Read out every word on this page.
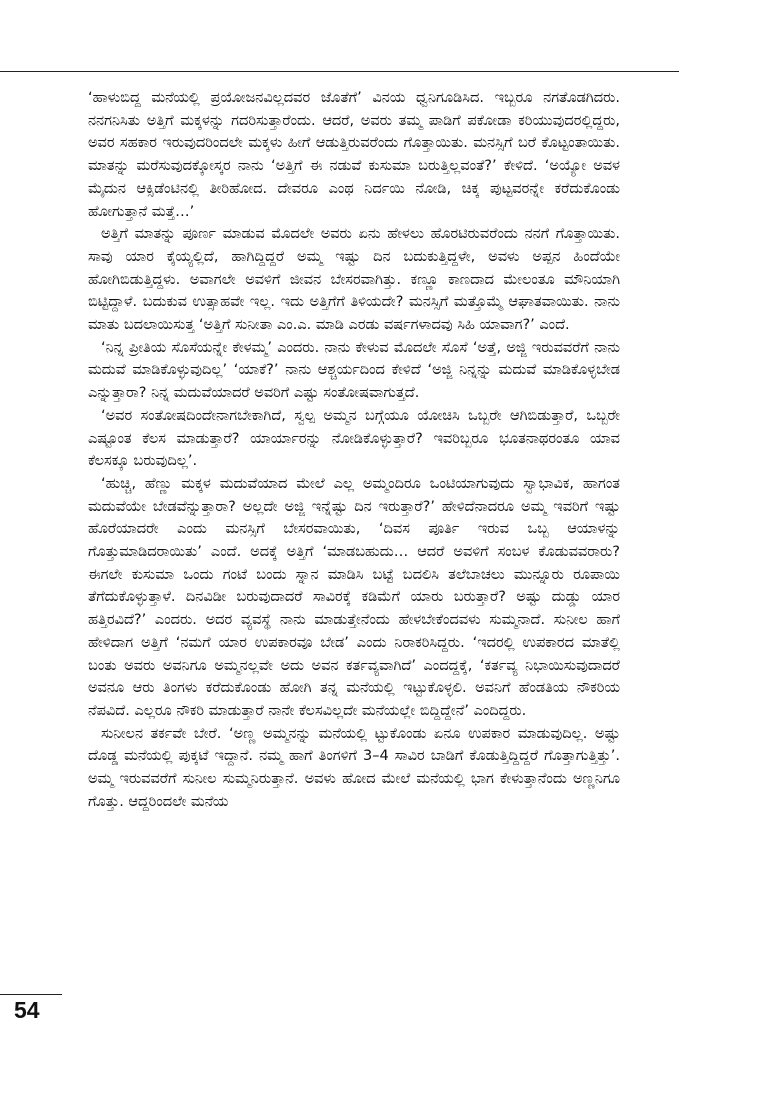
‘ಹಾಳುಬಿದ್ದ ಮನೆಯಲ್ಲಿ ಪ್ರಯೋಜನವಿಲ್ಲದವರ ಜೊತೆಗೆ’ ವಿನಯ ಧ್ವನಿಗೂಡಿಸಿದ. ಇಬ್ಬರೂ ನಗತೊಡಗಿದರು. ನನಗನಿಸಿತು ಅತ್ತಿಗೆ ಮಕ್ಕಳನ್ನು ಗದರಿಸುತ್ತಾರೆಂದು. ಆದರೆ, ಅವರು ತಮ್ಮ ಪಾಡಿಗೆ ಪಕೋಡಾ ಕರಿಯುವುದರಲ್ಲಿದ್ದರು, ಅವರ ಸಹಕಾರ ಇರುವುದರಿಂದಲೇ ಮಕ್ಕಳು ಹೀಗೆ ಆಡುತ್ತಿರುವರೆಂದು ಗೊತ್ತಾಯಿತು. ಮನಸ್ಸಿಗೆ ಬರೆ ಕೊಟ್ಟಂತಾಯಿತು. ಮಾತನ್ನು ಮರೆಸುವುದಕ್ಕೋಸ್ಕರ ನಾನು ‘ಅತ್ತಿಗೆ ಈ ನಡುವೆ ಕುಸುಮಾ ಬರುತ್ತಿಲ್ಲವಂತೆ?’ ಕೇಳಿದೆ. ‘ಅಯ್ಯೋ ಅವಳ ಮೈದುನ ಆಕ್ಸಿಡೆಂಟಿನಲ್ಲಿ ತೀರಿಹೋದ. ದೇವರೂ ಎಂಥ ನಿರ್ದಯಿ ನೋಡಿ, ಚಿಕ್ಕ ಪುಟ್ಟವರನ್ನೇ ಕರೆದುಕೊಂಡು ಹೋಗುತ್ತಾನೆ ಮತ್ತೆ…’

ಅತ್ತಿಗೆ ಮಾತನ್ನು ಪೂರ್ಣ ಮಾಡುವ ಮೊದಲೇ ಅವರು ಏನು ಹೇಳಲು ಹೊರಟಿರುವರೆಂದು ನನಗೆ ಗೊತ್ತಾಯಿತು. ಸಾವು ಯಾರ ಕೈಯ್ಯಲ್ಲಿದೆ, ಹಾಗಿದ್ದಿದ್ದರೆ ಅಮ್ಮ ಇಷ್ಟು ದಿನ ಬದುಕುತ್ತಿದ್ದಳೇ, ಅವಳು ಅಪ್ಪನ ಹಿಂದೆಯೇ ಹೋಗಿಬಿಡುತ್ತಿದ್ದಳು. ಅವಾಗಲೇ ಅವಳಿಗೆ ಜೀವನ ಬೇಸರವಾಗಿತ್ತು. ಕಣ್ಣೂ ಕಾಣದಾದ ಮೇಲಂತೂ ಮೌನಿಯಾಗಿ ಬಿಟ್ಟಿದ್ದಾಳೆ. ಬದುಕುವ ಉತ್ಸಾಹವೇ ಇಲ್ಲ. ಇದು ಅತ್ತಿಗೆಗೆ ತಿಳಿಯದೇ? ಮನಸ್ಸಿಗೆ ಮತ್ತೊಮ್ಮೆ ಆಘಾತವಾಯಿತು. ನಾನು ಮಾತು ಬದಲಾಯಿಸುತ್ತ ‘ಅತ್ತಿಗೆ ಸುನೀತಾ ಎಂ.ಎ. ಮಾಡಿ ಎರಡು ವರ್ಷಗಳಾದವು ಸಿಹಿ ಯಾವಾಗ?’ ಎಂದೆ.

‘ನಿನ್ನ ಪ್ರೀತಿಯ ಸೊಸೆಯನ್ನೇ ಕೇಳಮ್ಮ’ ಎಂದರು. ನಾನು ಕೇಳುವ ಮೊದಲೇ ಸೊಸೆ ‘ಅತ್ತೆ, ಅಜ್ಜಿ ಇರುವವರೆಗೆ ನಾನು ಮದುವೆ ಮಾಡಿಕೊಳ್ಳುವುದಿಲ್ಲ’ ‘ಯಾಕೆ?’ ನಾನು ಆಶ್ಚರ್ಯದಿಂದ ಕೇಳಿದೆ ‘ಅಜ್ಜಿ ನಿನ್ನನ್ನು ಮದುವೆ ಮಾಡಿಕೊಳ್ಳಬೇಡ ಎನ್ನುತ್ತಾರಾ? ನಿನ್ನ ಮದುವೆಯಾದರೆ ಅವರಿಗೆ ಎಷ್ಟು ಸಂತೋಷವಾಗುತ್ತದೆ.

‘ಅವರ ಸಂತೋಷದಿಂದೇನಾಗಬೇಕಾಗಿದೆ, ಸ್ವಲ್ಪ ಅಮ್ಮನ ಬಗ್ಗೆಯೂ ಯೋಚಿಸಿ ಒಬ್ಬರೇ ಆಗಿಬಿಡುತ್ತಾರೆ, ಒಬ್ಬರೇ ಎಷ್ಟೂಂತ ಕೆಲಸ ಮಾಡುತ್ತಾರೆ? ಯಾರ್ಯಾರನ್ನು ನೋಡಿಕೊಳ್ಳುತ್ತಾರೆ? ಇವರಿಬ್ಬರೂ ಭೂತನಾಥರಂತೂ ಯಾವ ಕೆಲಸಕ್ಕೂ ಬರುವುದಿಲ್ಲ’.

‘ಹುಚ್ಚಿ, ಹೆಣ್ಣು ಮಕ್ಕಳ ಮದುವೆಯಾದ ಮೇಲೆ ಎಲ್ಲ ಅಮ್ಮಂದಿರೂ ಒಂಟಿಯಾಗುವುದು ಸ್ವಾಭಾವಿಕ, ಹಾಗಂತ ಮದುವೆಯೇ ಬೇಡವೆನ್ನುತ್ತಾರಾ? ಅಲ್ಲದೇ ಅಜ್ಜಿ ಇನ್ನೆಷ್ಟು ದಿನ ಇರುತ್ತಾರೆ?’ ಹೇಳಿದೆನಾದರೂ ಅಮ್ಮ ಇವರಿಗೆ ಇಷ್ಟು ಹೊರೆಯಾದರೇ ಎಂದು ಮನಸ್ಸಿಗೆ ಬೇಸರವಾಯಿತು, ‘ದಿವಸ ಪೂರ್ತಿ ಇರುವ ಒಬ್ಬ ಆಯಾಳನ್ನು ಗೊತ್ತುಮಾಡಿದರಾಯಿತು’ ಎಂದೆ. ಅದಕ್ಕೆ ಅತ್ತಿಗೆ ‘ಮಾಡಬಹುದು… ಆದರೆ ಅವಳಿಗೆ ಸಂಬಳ ಕೊಡುವವರಾರು? ಈಗಲೇ ಕುಸುಮಾ ಒಂದು ಗಂಟೆ ಬಂದು ಸ್ನಾನ ಮಾಡಿಸಿ ಬಟ್ಟೆ ಬದಲಿಸಿ ತಲೆಬಾಚಲು ಮುನ್ನೂರು ರೂಪಾಯಿ ತೆಗೆದುಕೊಳ್ಳುತ್ತಾಳೆ. ದಿನವಿಡೀ ಬರುವುದಾದರೆ ಸಾವಿರಕ್ಕೆ ಕಡಿಮೆಗೆ ಯಾರು ಬರುತ್ತಾರೆ? ಅಷ್ಟು ದುಡ್ಡು ಯಾರ ಹತ್ತಿರವಿದೆ?’ ಎಂದರು. ಅದರ ವ್ಯವಸ್ಥೆ ನಾನು ಮಾಡುತ್ತೇನೆಂದು ಹೇಳಬೇಕೆಂದವಳು ಸುಮ್ಮನಾದೆ. ಸುನೀಲ ಹಾಗೆ ಹೇಳಿದಾಗ ಅತ್ತಿಗೆ ‘ನಮಗೆ ಯಾರ ಉಪಕಾರವೂ ಬೇಡ’ ಎಂದು ನಿರಾಕರಿಸಿದ್ದರು. ‘ಇದರಲ್ಲಿ ಉಪಕಾರದ ಮಾತೆಲ್ಲಿ ಬಂತು ಅವರು ಅವನಿಗೂ ಅಮ್ಮನಲ್ಲವೇ ಅದು ಅವನ ಕರ್ತವ್ಯವಾಗಿದೆ’ ಎಂದದ್ದಕ್ಕೆ, ‘ಕರ್ತವ್ಯ ನಿಭಾಯಿಸುವುದಾದರೆ ಅವನೂ ಆರು ತಿಂಗಳು ಕರೆದುಕೊಂಡು ಹೋಗಿ ತನ್ನ ಮನೆಯಲ್ಲಿ ಇಟ್ಟುಕೊಳ್ಳಲಿ. ಅವನಿಗೆ ಹೆಂಡತಿಯ ನೌಕರಿಯ ನೆಪವಿದೆ. ಎಲ್ಲರೂ ನೌಕರಿ ಮಾಡುತ್ತಾರೆ ನಾನೇ ಕೆಲಸವಿಲ್ಲದೇ ಮನೆಯಲ್ಲೇ ಬಿದ್ದಿದ್ದೇನೆ’ ಎಂದಿದ್ದರು.

ಸುನೀಲನ ತರ್ಕವೇ ಬೇರೆ. ‘ಅಣ್ಣ ಅಮ್ಮನನ್ನು ಮನೆಯಲ್ಲಿ ಟ್ಟುಕೊಂಡು ಏನೂ ಉಪಕಾರ ಮಾಡುವುದಿಲ್ಲ. ಅಷ್ಟು ದೊಡ್ಡ ಮನೆಯಲ್ಲಿ ಪುಕ್ಕಟೆ ಇದ್ದಾನೆ. ನಮ್ಮ ಹಾಗೆ ತಿಂಗಳಿಗೆ 3–4 ಸಾವಿರ ಬಾಡಿಗೆ ಕೊಡುತ್ತಿದ್ದಿದ್ದರೆ ಗೊತ್ತಾಗುತ್ತಿತ್ತು’. ಅಮ್ಮ ಇರುವವರೆಗೆ ಸುನೀಲ ಸುಮ್ಮನಿರುತ್ತಾನೆ. ಅವಳು ಹೋದ ಮೇಲೆ ಮನೆಯಲ್ಲಿ ಭಾಗ ಕೇಳುತ್ತಾನೆಂದು ಅಣ್ಣನಿಗೂ ಗೊತ್ತು. ಆದ್ದರಿಂದಲೇ ಮನೆಯ

54
